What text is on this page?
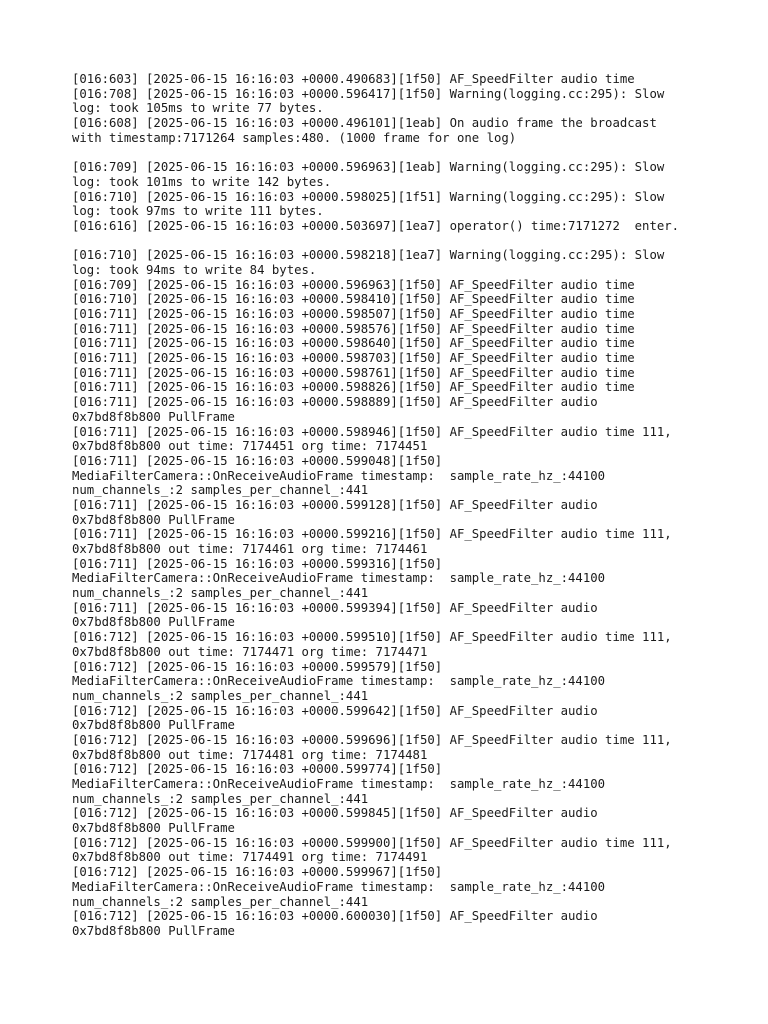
[016:603] [2025-06-15 16:16:03 +0000.490683][1f50] AF_SpeedFilter audio time
[016:708] [2025-06-15 16:16:03 +0000.596417][1f50] Warning(logging.cc:295): Slow
log: took 105ms to write 77 bytes.
[016:608] [2025-06-15 16:16:03 +0000.496101][1eab] On audio frame the broadcast
with timestamp:7171264 samples:480. (1000 frame for one log)
[016:709] [2025-06-15 16:16:03 +0000.596963][1eab] Warning(logging.cc:295): Slow
log: took 101ms to write 142 bytes.
[016:710] [2025-06-15 16:16:03 +0000.598025][1f51] Warning(logging.cc:295): Slow
log: took 97ms to write 111 bytes.
[016:616] [2025-06-15 16:16:03 +0000.503697][1ea7] operator() time:7171272  enter.
[016:710] [2025-06-15 16:16:03 +0000.598218][1ea7] Warning(logging.cc:295): Slow
log: took 94ms to write 84 bytes.
[016:709] [2025-06-15 16:16:03 +0000.596963][1f50] AF_SpeedFilter audio time
[016:710] [2025-06-15 16:16:03 +0000.598410][1f50] AF_SpeedFilter audio time
[016:711] [2025-06-15 16:16:03 +0000.598507][1f50] AF_SpeedFilter audio time
[016:711] [2025-06-15 16:16:03 +0000.598576][1f50] AF_SpeedFilter audio time
[016:711] [2025-06-15 16:16:03 +0000.598640][1f50] AF_SpeedFilter audio time
[016:711] [2025-06-15 16:16:03 +0000.598703][1f50] AF_SpeedFilter audio time
[016:711] [2025-06-15 16:16:03 +0000.598761][1f50] AF_SpeedFilter audio time
[016:711] [2025-06-15 16:16:03 +0000.598826][1f50] AF_SpeedFilter audio time
[016:711] [2025-06-15 16:16:03 +0000.598889][1f50] AF_SpeedFilter audio
0x7bd8f8b800 PullFrame
[016:711] [2025-06-15 16:16:03 +0000.598946][1f50] AF_SpeedFilter audio time 111,
0x7bd8f8b800 out time: 7174451 org time: 7174451
[016:711] [2025-06-15 16:16:03 +0000.599048][1f50]
MediaFilterCamera::OnReceiveAudioFrame timestamp:  sample_rate_hz_:44100
num_channels_:2 samples_per_channel_:441
[016:711] [2025-06-15 16:16:03 +0000.599128][1f50] AF_SpeedFilter audio
0x7bd8f8b800 PullFrame
[016:711] [2025-06-15 16:16:03 +0000.599216][1f50] AF_SpeedFilter audio time 111,
0x7bd8f8b800 out time: 7174461 org time: 7174461
[016:711] [2025-06-15 16:16:03 +0000.599316][1f50]
MediaFilterCamera::OnReceiveAudioFrame timestamp:  sample_rate_hz_:44100
num_channels_:2 samples_per_channel_:441
[016:711] [2025-06-15 16:16:03 +0000.599394][1f50] AF_SpeedFilter audio
0x7bd8f8b800 PullFrame
[016:712] [2025-06-15 16:16:03 +0000.599510][1f50] AF_SpeedFilter audio time 111,
0x7bd8f8b800 out time: 7174471 org time: 7174471
[016:712] [2025-06-15 16:16:03 +0000.599579][1f50]
MediaFilterCamera::OnReceiveAudioFrame timestamp:  sample_rate_hz_:44100
num_channels_:2 samples_per_channel_:441
[016:712] [2025-06-15 16:16:03 +0000.599642][1f50] AF_SpeedFilter audio
0x7bd8f8b800 PullFrame
[016:712] [2025-06-15 16:16:03 +0000.599696][1f50] AF_SpeedFilter audio time 111,
0x7bd8f8b800 out time: 7174481 org time: 7174481
[016:712] [2025-06-15 16:16:03 +0000.599774][1f50]
MediaFilterCamera::OnReceiveAudioFrame timestamp:  sample_rate_hz_:44100
num_channels_:2 samples_per_channel_:441
[016:712] [2025-06-15 16:16:03 +0000.599845][1f50] AF_SpeedFilter audio
0x7bd8f8b800 PullFrame
[016:712] [2025-06-15 16:16:03 +0000.599900][1f50] AF_SpeedFilter audio time 111,
0x7bd8f8b800 out time: 7174491 org time: 7174491
[016:712] [2025-06-15 16:16:03 +0000.599967][1f50]
MediaFilterCamera::OnReceiveAudioFrame timestamp:  sample_rate_hz_:44100
num_channels_:2 samples_per_channel_:441
[016:712] [2025-06-15 16:16:03 +0000.600030][1f50] AF_SpeedFilter audio
0x7bd8f8b800 PullFrame
